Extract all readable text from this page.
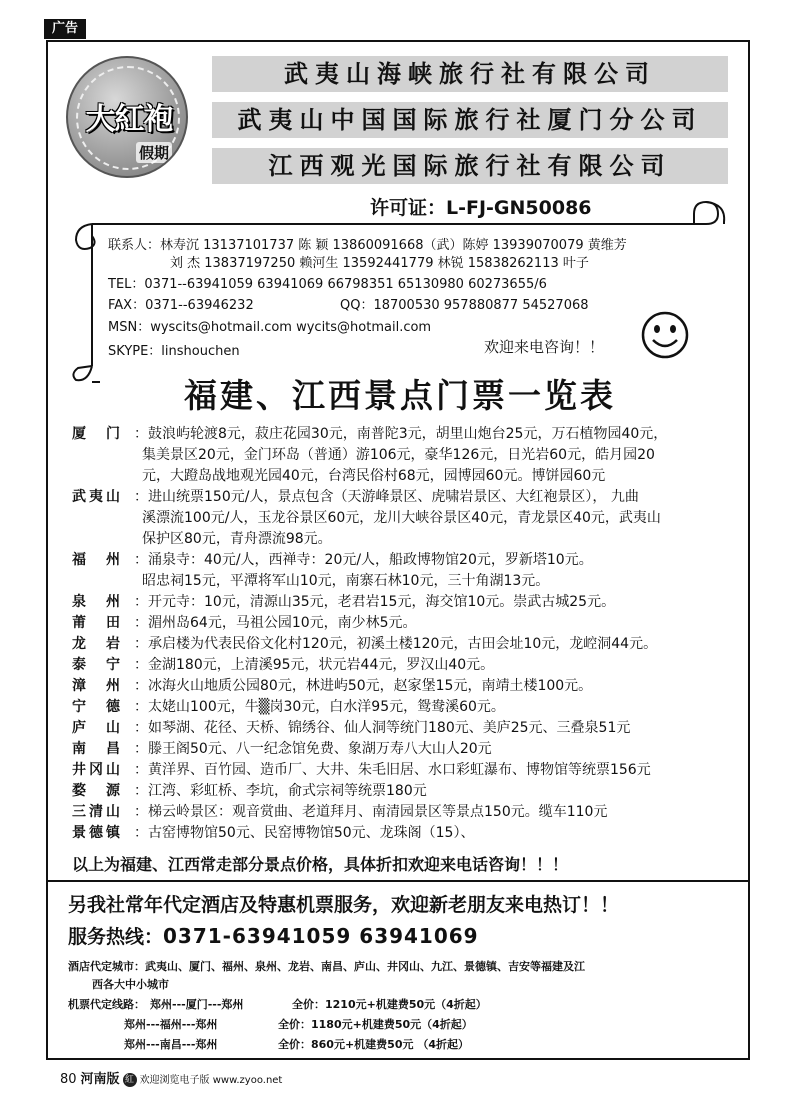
广告
大紅袍
假期
武夷山海峡旅行社有限公司
武夷山中国国际旅行社厦门分公司
江西观光国际旅行社有限公司
许可证：L-FJ-GN50086
联系人：林寿沉 13137101737 陈 颖 13860091668（武）陈婷 13939070079 黄维芳
刘 杰 13837197250 赖河生 13592441779 林锐 15838262113 叶子
TEL：0371--63941059 63941069 66798351 65130980 60273655/6
FAX：0371--63946232	QQ：18700530 957880877 54527068
MSN：wyscits@hotmail.com wycits@hotmail.com
SKYPE：linshouchen	欢迎来电咨询！！
福建、江西景点门票一览表
厦门	：鼓浪屿轮渡8元，菽庄花园30元，南普陀3元，胡里山炮台25元，万石植物园40元，
集美景区20元，金门环岛（普通）游106元，豪华126元，日光岩60元，皓月园20
元，大蹬岛战地观光园40元，台湾民俗村68元，园博园60元。博饼园60元
武夷山	：进山统票150元/人，景点包含（天游峰景区、虎啸岩景区、大红袍景区）， 九曲
溪漂流100元/人，玉龙谷景区60元，龙川大峡谷景区40元，青龙景区40元，武夷山
保护区80元，青舟漂流98元。
福州	：涌泉寺：40元/人，西禅寺：20元/人，船政博物馆20元，罗新塔10元。
昭忠祠15元，平潭将军山10元，南寨石林10元，三十角湖13元。
泉州	：开元寺：10元，清源山35元，老君岩15元，海交馆10元。崇武古城25元。
莆田	：湄州岛64元，马祖公园10元，南少林5元。
龙岩	：承启楼为代表民俗文化村120元，初溪土楼120元，古田会址10元，龙崆洞44元。
泰宁	：金湖180元，上清溪95元，状元岩44元，罗汉山40元。
漳州	：冰海火山地质公园80元，林进屿50元，赵家堡15元，南靖土楼100元。
宁德	：太姥山100元，牛▒岗30元，白水洋95元，鸳鸯溪60元。
庐山	：如琴湖、花径、天桥、锦绣谷、仙人洞等统门180元、美庐25元、三叠泉51元
南昌	：滕王阁50元、八一纪念馆免费、象湖万寿八大山人20元
井冈山	：黄洋界、百竹园、造币厂、大井、朱毛旧居、水口彩虹瀑布、博物馆等统票156元
婺源	：江湾、彩虹桥、李坑，俞式宗祠等统票180元
三清山	：梯云岭景区：观音赏曲、老道拜月、南清园景区等景点150元。缆车110元
景德镇	：古窑博物馆50元、民窑博物馆50元、龙珠阁（15）、
以上为福建、江西常走部分景点价格，具体折扣欢迎来电话咨询！！！
另我社常年代定酒店及特惠机票服务，欢迎新老朋友来电热订！！
服务热线：0371-63941059 63941069
酒店代定城市：武夷山、厦门、福州、泉州、龙岩、南昌、庐山、井冈山、九江、景德镇、吉安等福建及江
西各大中小城市
机票代定线路： 郑州---厦门---郑州	全价：1210元+机建费50元（4折起）
郑州---福州---郑州	全价：1180元+机建费50元（4折起）
郑州---南昌---郑州	全价：860元+机建费50元 （4折起）
80 河南版 紅 欢迎浏览电子版 www.zyoo.net
